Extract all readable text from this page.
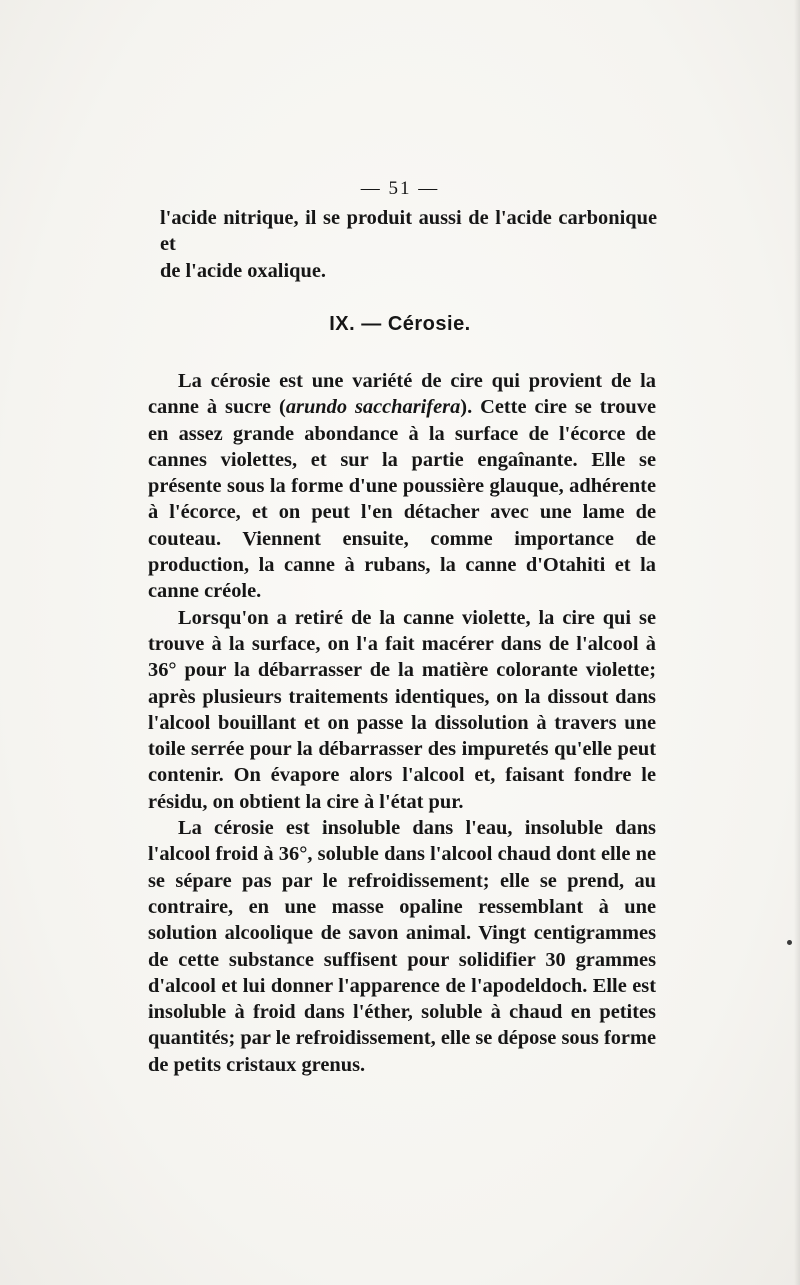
— 51 —

l'acide nitrique, il se produit aussi de l'acide carbonique et

de l'acide oxalique.

IX. — Cérosie.

La cérosie est une variété de cire qui provient de la canne à sucre (arundo saccharifera). Cette cire se trouve en assez grande abondance à la surface de l'écorce de cannes violettes, et sur la partie engaînante. Elle se présente sous la forme d'une poussière glauque, adhérente à l'écorce, et on peut l'en détacher avec une lame de couteau. Viennent ensuite, comme importance de production, la canne à rubans, la canne d'Otahiti et la canne créole.

Lorsqu'on a retiré de la canne violette, la cire qui se trouve à la surface, on l'a fait macérer dans de l'alcool à 36° pour la débarrasser de la matière colorante violette; après plusieurs traitements identiques, on la dissout dans l'alcool bouillant et on passe la dissolution à travers une toile serrée pour la débarrasser des impuretés qu'elle peut contenir. On évapore alors l'alcool et, faisant fondre le résidu, on obtient la cire à l'état pur.

La cérosie est insoluble dans l'eau, insoluble dans l'alcool froid à 36°, soluble dans l'alcool chaud dont elle ne se sépare pas par le refroidissement; elle se prend, au contraire, en une masse opaline ressemblant à une solution alcoolique de savon animal. Vingt centigrammes de cette substance suffisent pour solidifier 30 grammes d'alcool et lui donner l'apparence de l'apodeldoch. Elle est insoluble à froid dans l'éther, soluble à chaud en petites quantités; par le refroidissement, elle se dépose sous forme de petits cristaux grenus.
